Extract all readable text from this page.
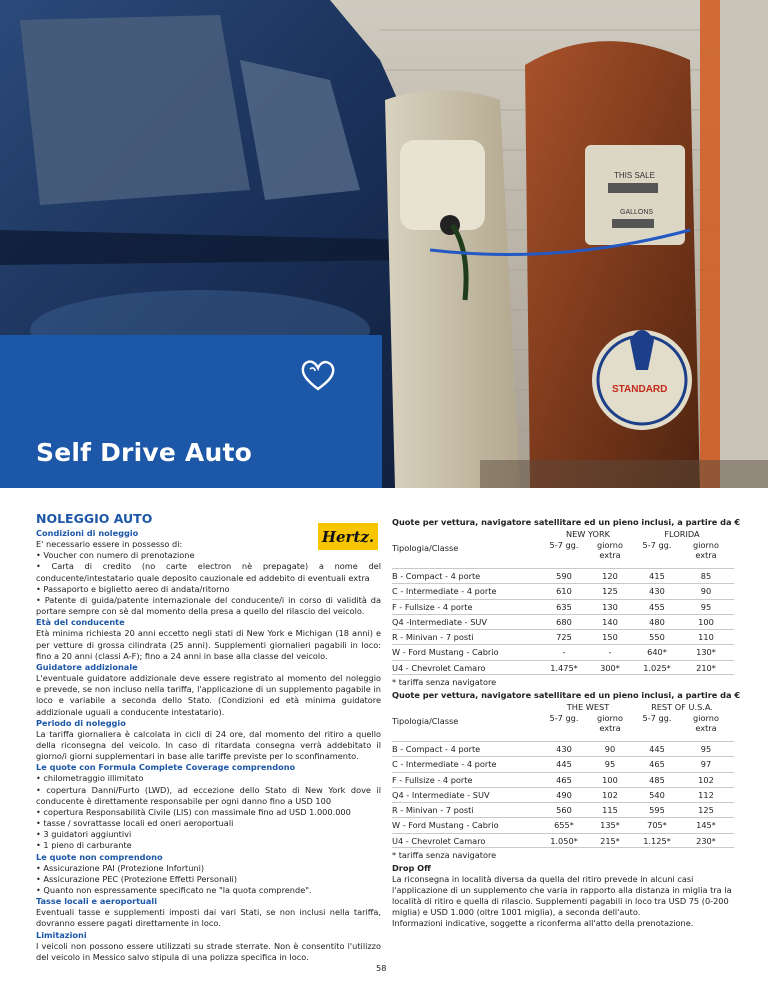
THIS SALE
GALLONS
STANDARD
Self Drive Auto
NOLEGGIO AUTO
Hertz.
Condizioni di noleggio

E' necessario essere in possesso di:

• Voucher con numero di prenotazione

• Carta di credito (no carte electron nè prepagate) a nome del conducente/intestatario quale deposito cauzionale ed addebito di eventuali extra

• Passaporto e biglietto aereo di andata/ritorno

• Patente di guida/patente internazionale del conducente/i in corso di validità da portare sempre con sè dal momento della presa a quello del rilascio del veicolo.

Età del conducente

Età minima richiesta 20 anni eccetto negli stati di New York e Michigan (18 anni) e per vetture di grossa cilindrata (25 anni). Supplementi giornalieri pagabili in loco: fino a 20 anni (classi A-F); fino a 24 anni in base alla classe del veicolo.

Guidatore addizionale

L'eventuale guidatore addizionale deve essere registrato al momento del noleggio e prevede, se non incluso nella tariffa, l'applicazione di un supplemento pagabile in loco e variabile a seconda dello Stato. (Condizioni ed età minima guidatore addizionale uguali a conducente intestatario).

Periodo di noleggio

La tariffa giornaliera è calcolata in cicli di 24 ore, dal momento del ritiro a quello della riconsegna del veicolo. In caso di ritardata consegna verrà addebitato il giorno/i giorni supplementari in base alle tariffe previste per lo sconfinamento.

Le quote con Formula Complete Coverage comprendono

• chilometraggio illimitato

• copertura Danni/Furto (LWD), ad eccezione dello Stato di New York dove il conducente è direttamente responsabile per ogni danno fino a USD 100

• copertura Responsabilità Civile (LIS) con massimale fino ad USD 1.000.000

• tasse / sovrattasse locali ed oneri aeroportuali

• 3 guidatori aggiuntivi

• 1 pieno di carburante

Le quote non comprendono

• Assicurazione PAI (Protezione Infortuni)

• Assicurazione PEC (Protezione Effetti Personali)

• Quanto non espressamente specificato ne "la quota comprende".

Tasse locali e aeroportuali

Eventuali tasse e supplementi imposti dai vari Stati, se non inclusi nella tariffa, dovranno essere pagati direttamente in loco.

Limitazioni

I veicoli non possono essere utilizzati su strade sterrate. Non è consentito l'utilizzo del veicolo in Messico salvo stipula di una polizza specifica in loco.

Quote per vettura, navigatore satellitare ed un pieno inclusi, a partire da €
NEW YORK	FLORIDA
Tipologia/Classe	5-7 gg.	giorno extra
5-7 gg.	giorno extra
B - Compact - 4 porte	590	120	415	85
C - Intermediate - 4 porte	610	125	430	90
F - Fullsize - 4 porte	635	130	455	95
Q4 -Intermediate - SUV	680	140	480	100
R - Minivan - 7 posti	725	150	550	110
W - Ford Mustang - Cabrio	-	-	640*	130*
U4 - Chevrolet Camaro	1.475*	300*	1.025*	210*
* tariffa senza navigatore
Quote per vettura, navigatore satellitare ed un pieno inclusi, a partire da €
THE WEST	REST OF U.S.A.
Tipologia/Classe	5-7 gg.	giorno extra
5-7 gg.	giorno extra
B - Compact - 4 porte	430	90	445	95
C - Intermediate - 4 porte	445	95	465	97
F - Fullsize - 4 porte	465	100	485	102
Q4 - Intermediate - SUV	490	102	540	112
R - Minivan - 7 posti	560	115	595	125
W - Ford Mustang - Cabrio	655*	135*	705*	145*
U4 - Chevrolet Camaro	1.050*	215*	1.125*	230*
* tariffa senza navigatore
Drop Off

La riconsegna in località diversa da quella del ritiro prevede in alcuni casi l'applicazione di un supplemento che varia in rapporto alla distanza in miglia tra la località di ritiro e quella di rilascio. Supplementi pagabili in loco tra USD 75 (0-200 miglia) e USD 1.000 (oltre 1001 miglia), a seconda dell'auto.

Informazioni indicative, soggette a riconferma all'atto della prenotazione.

58
